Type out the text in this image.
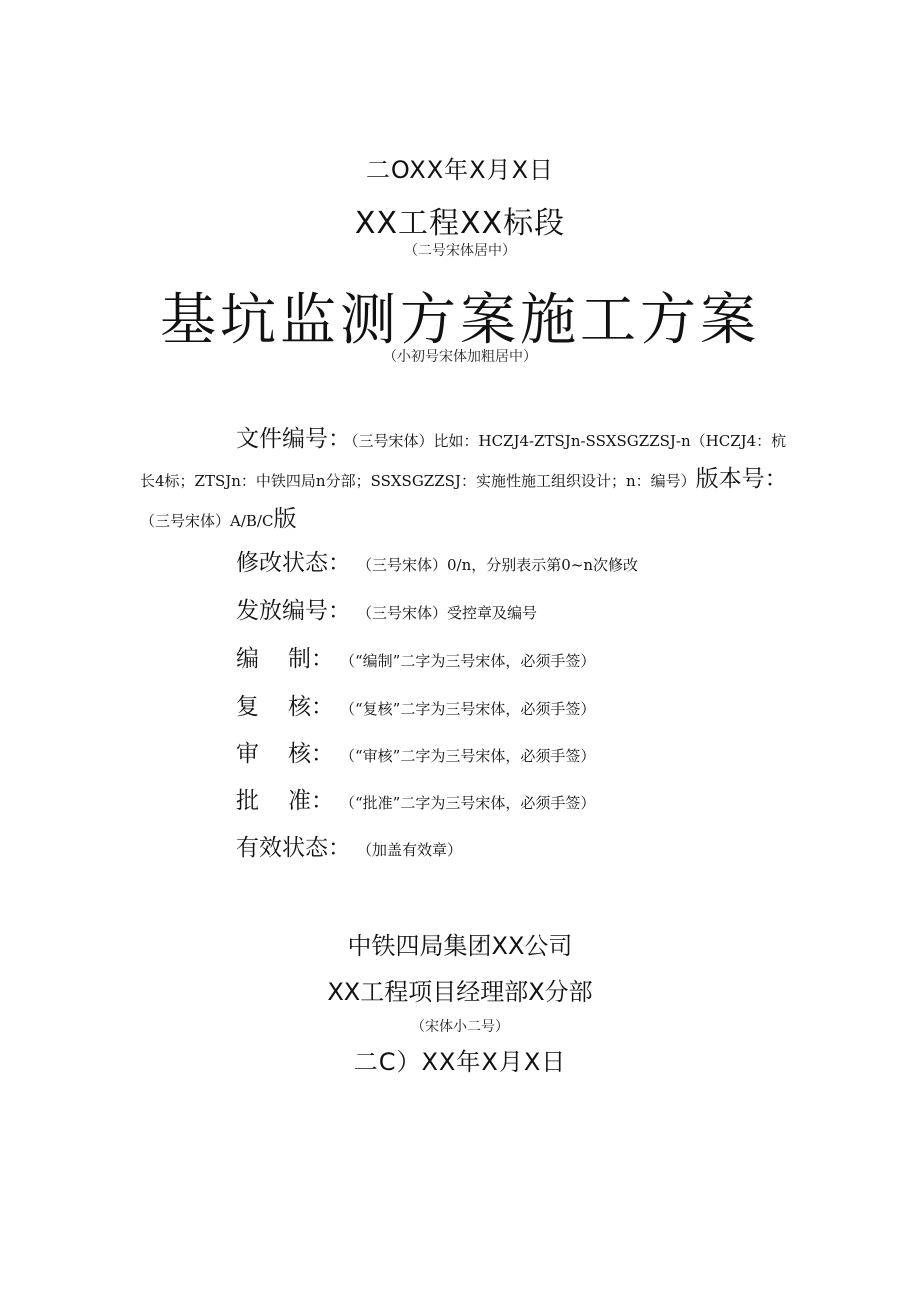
二OXX年X月X日
XX工程XX标段
（二号宋体居中）
基坑监测方案施工方案
（小初号宋体加粗居中）
文件编号：（三号宋体）比如：HCZJ4-ZTSJn-SSXSGZZSJ-n（HCZJ4：杭
长4标；ZTSJn：中铁四局n分部；SSXSGZZSJ：实施性施工组织设计；n：编号）版本号：
（三号宋体）A/B/C版
修改状态： （三号宋体）0/n，分别表示第0~n次修改
发放编号： （三号宋体）受控章及编号
编 制： （“编制”二字为三号宋体，必须手签）
复 核： （“复核”二字为三号宋体，必须手签）
审 核： （“审核”二字为三号宋体，必须手签）
批 准： （“批准”二字为三号宋体，必须手签）
有效状态： （加盖有效章）
中铁四局集团XX公司
XX工程项目经理部X分部
（宋体小二号）
二C）XX年X月X日
